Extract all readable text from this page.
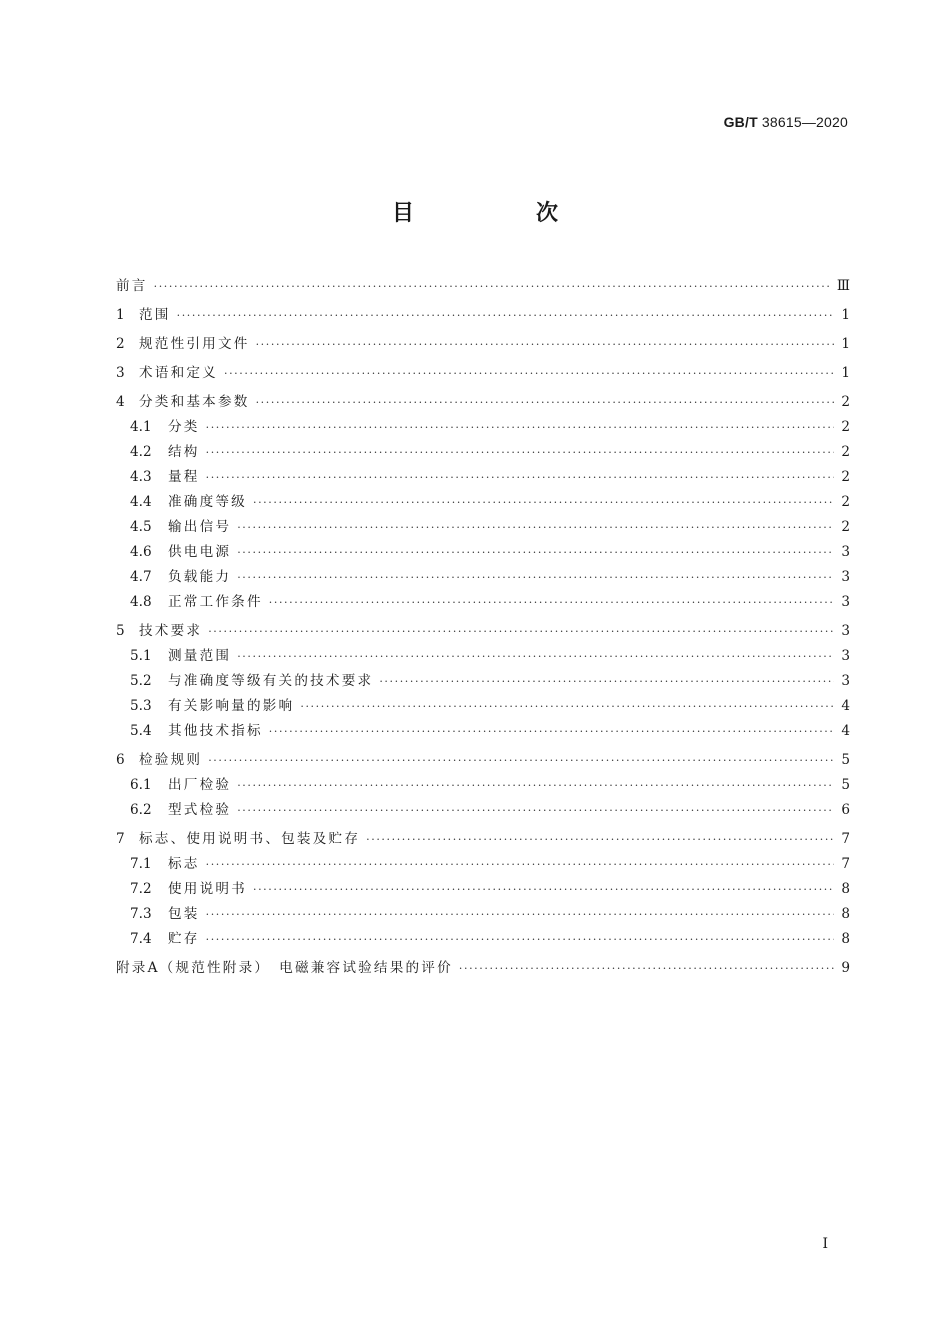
GB/T 38615—2020
目　次
前言 ·····	Ⅲ
1	范围 ·····	1
2	规范性引用文件 ·····	1
3	术语和定义 ·····	1
4	分类和基本参数 ·····	2
4.1	分类 ·····	2
4.2	结构 ·····	2
4.3	量程 ·····	2
4.4	准确度等级 ·····	2
4.5	输出信号 ·····	2
4.6	供电电源 ·····	3
4.7	负载能力 ·····	3
4.8	正常工作条件 ·····	3
5	技术要求 ·····	3
5.1	测量范围 ·····	3
5.2	与准确度等级有关的技术要求 ·····	3
5.3	有关影响量的影响 ·····	4
5.4	其他技术指标 ·····	4
6	检验规则 ·····	5
6.1	出厂检验 ·····	5
6.2	型式检验 ·····	6
7	标志、使用说明书、包装及贮存 ·····	7
7.1	标志 ·····	7
7.2	使用说明书 ·····	8
7.3	包装 ·····	8
7.4	贮存 ·····	8
附录A（规范性附录）　电磁兼容试验结果的评价 ·····	9
Ⅰ
